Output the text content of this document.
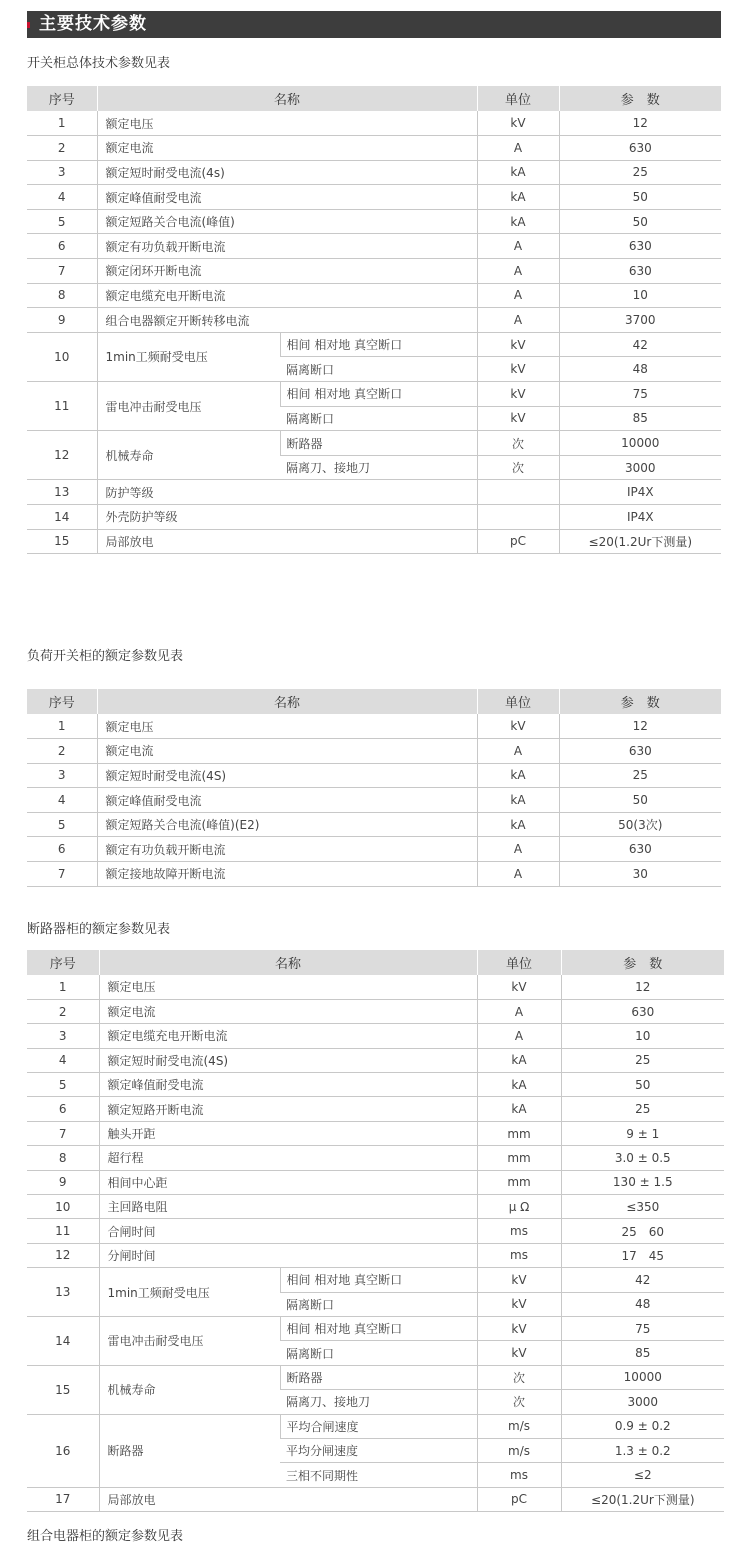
主要技术参数
开关柜总体技术参数见表
序号	名称		单位	参　数
1	额定电压		kV	12
2	额定电流		A	630
3	额定短时耐受电流(4s)		kA	25
4	额定峰值耐受电流		kA	50
5	额定短路关合电流(峰值)		kA	50
6	额定有功负载开断电流		A	630
7	额定闭环开断电流		A	630
8	额定电缆充电开断电流		A	10
9	组合电器额定开断转移电流		A	3700
10	1min工频耐受电压	相间 相对地 真空断口	kV	42
		隔离断口	kV	48
11	雷电冲击耐受电压	相间 相对地 真空断口	kV	75
		隔离断口	kV	85
12	机械寿命	断路器	次	10000
		隔离刀、接地刀	次	3000
13	防护等级			IP4X
14	外壳防护等级			IP4X
15	局部放电		pC	≤20(1.2Ur下测量)
负荷开关柜的额定参数见表
序号	名称	单位	参　数
1	额定电压	kV	12
2	额定电流	A	630
3	额定短时耐受电流(4S)	kA	25
4	额定峰值耐受电流	kA	50
5	额定短路关合电流(峰值)(E2)	kA	50(3次)
6	额定有功负载开断电流	A	630
7	额定接地故障开断电流	A	30
断路器柜的额定参数见表
序号	名称		单位	参　数
1	额定电压		kV	12
2	额定电流		A	630
3	额定电缆充电开断电流		A	10
4	额定短时耐受电流(4S)		kA	25
5	额定峰值耐受电流		kA	50
6	额定短路开断电流		kA	25
7	触头开距		mm	9 ± 1
8	超行程		mm	3.0 ± 0.5
9	相间中心距		mm	130 ± 1.5
10	主回路电阻		μ Ω	≤350
11	合闸时间		ms	25　60
12	分闸时间		ms	17　45
13	1min工频耐受电压	相间 相对地 真空断口	kV	42
		隔离断口	kV	48
14	雷电冲击耐受电压	相间 相对地 真空断口	kV	75
		隔离断口	kV	85
15	机械寿命	断路器	次	10000
		隔离刀、接地刀	次	3000
16	断路器	平均合闸速度	m/s	0.9 ± 0.2
		平均分闸速度	m/s	1.3 ± 0.2
		三相不同期性	ms	≤2
17	局部放电		pC	≤20(1.2Ur下测量)
组合电器柜的额定参数见表
